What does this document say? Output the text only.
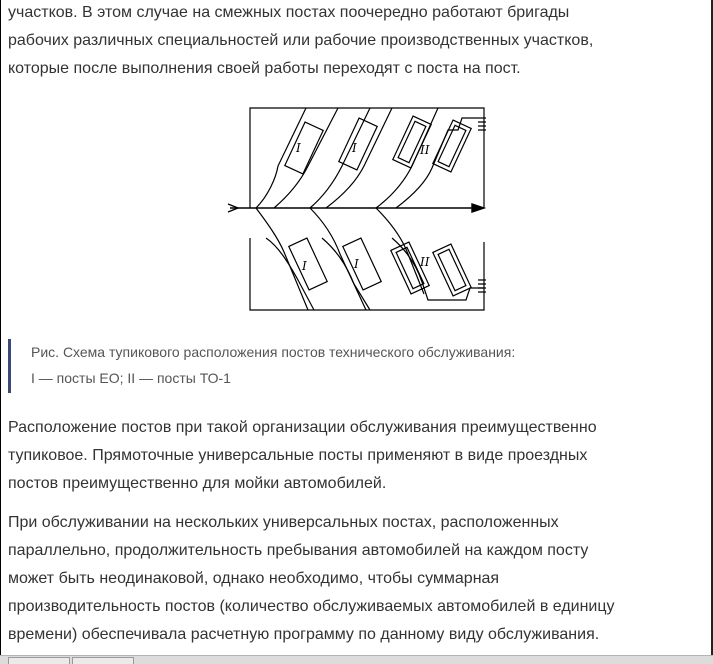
участков. В этом случае на смежных постах поочередно работают бригады
рабочих различных специальностей или рабочие производственных участков,
которые после выполнения своей работы переходят с поста на пост.
I	I	II
I	I	II
Рис. Схема тупикового расположения постов технического обслуживания:
I — посты ЕО; II — посты ТО-1
Расположение постов при такой организации обслуживания преимущественно
тупиковое. Прямоточные универсальные посты применяют в виде проездных
постов преимущественно для мойки автомобилей.
При обслуживании на нескольких универсальных постах, расположенных
параллельно, продолжительность пребывания автомобилей на каждом посту
может быть неодинаковой, однако необходимо, чтобы суммарная
производительность постов (количество обслуживаемых автомобилей в единицу
времени) обеспечивала расчетную программу по данному виду обслуживания.
